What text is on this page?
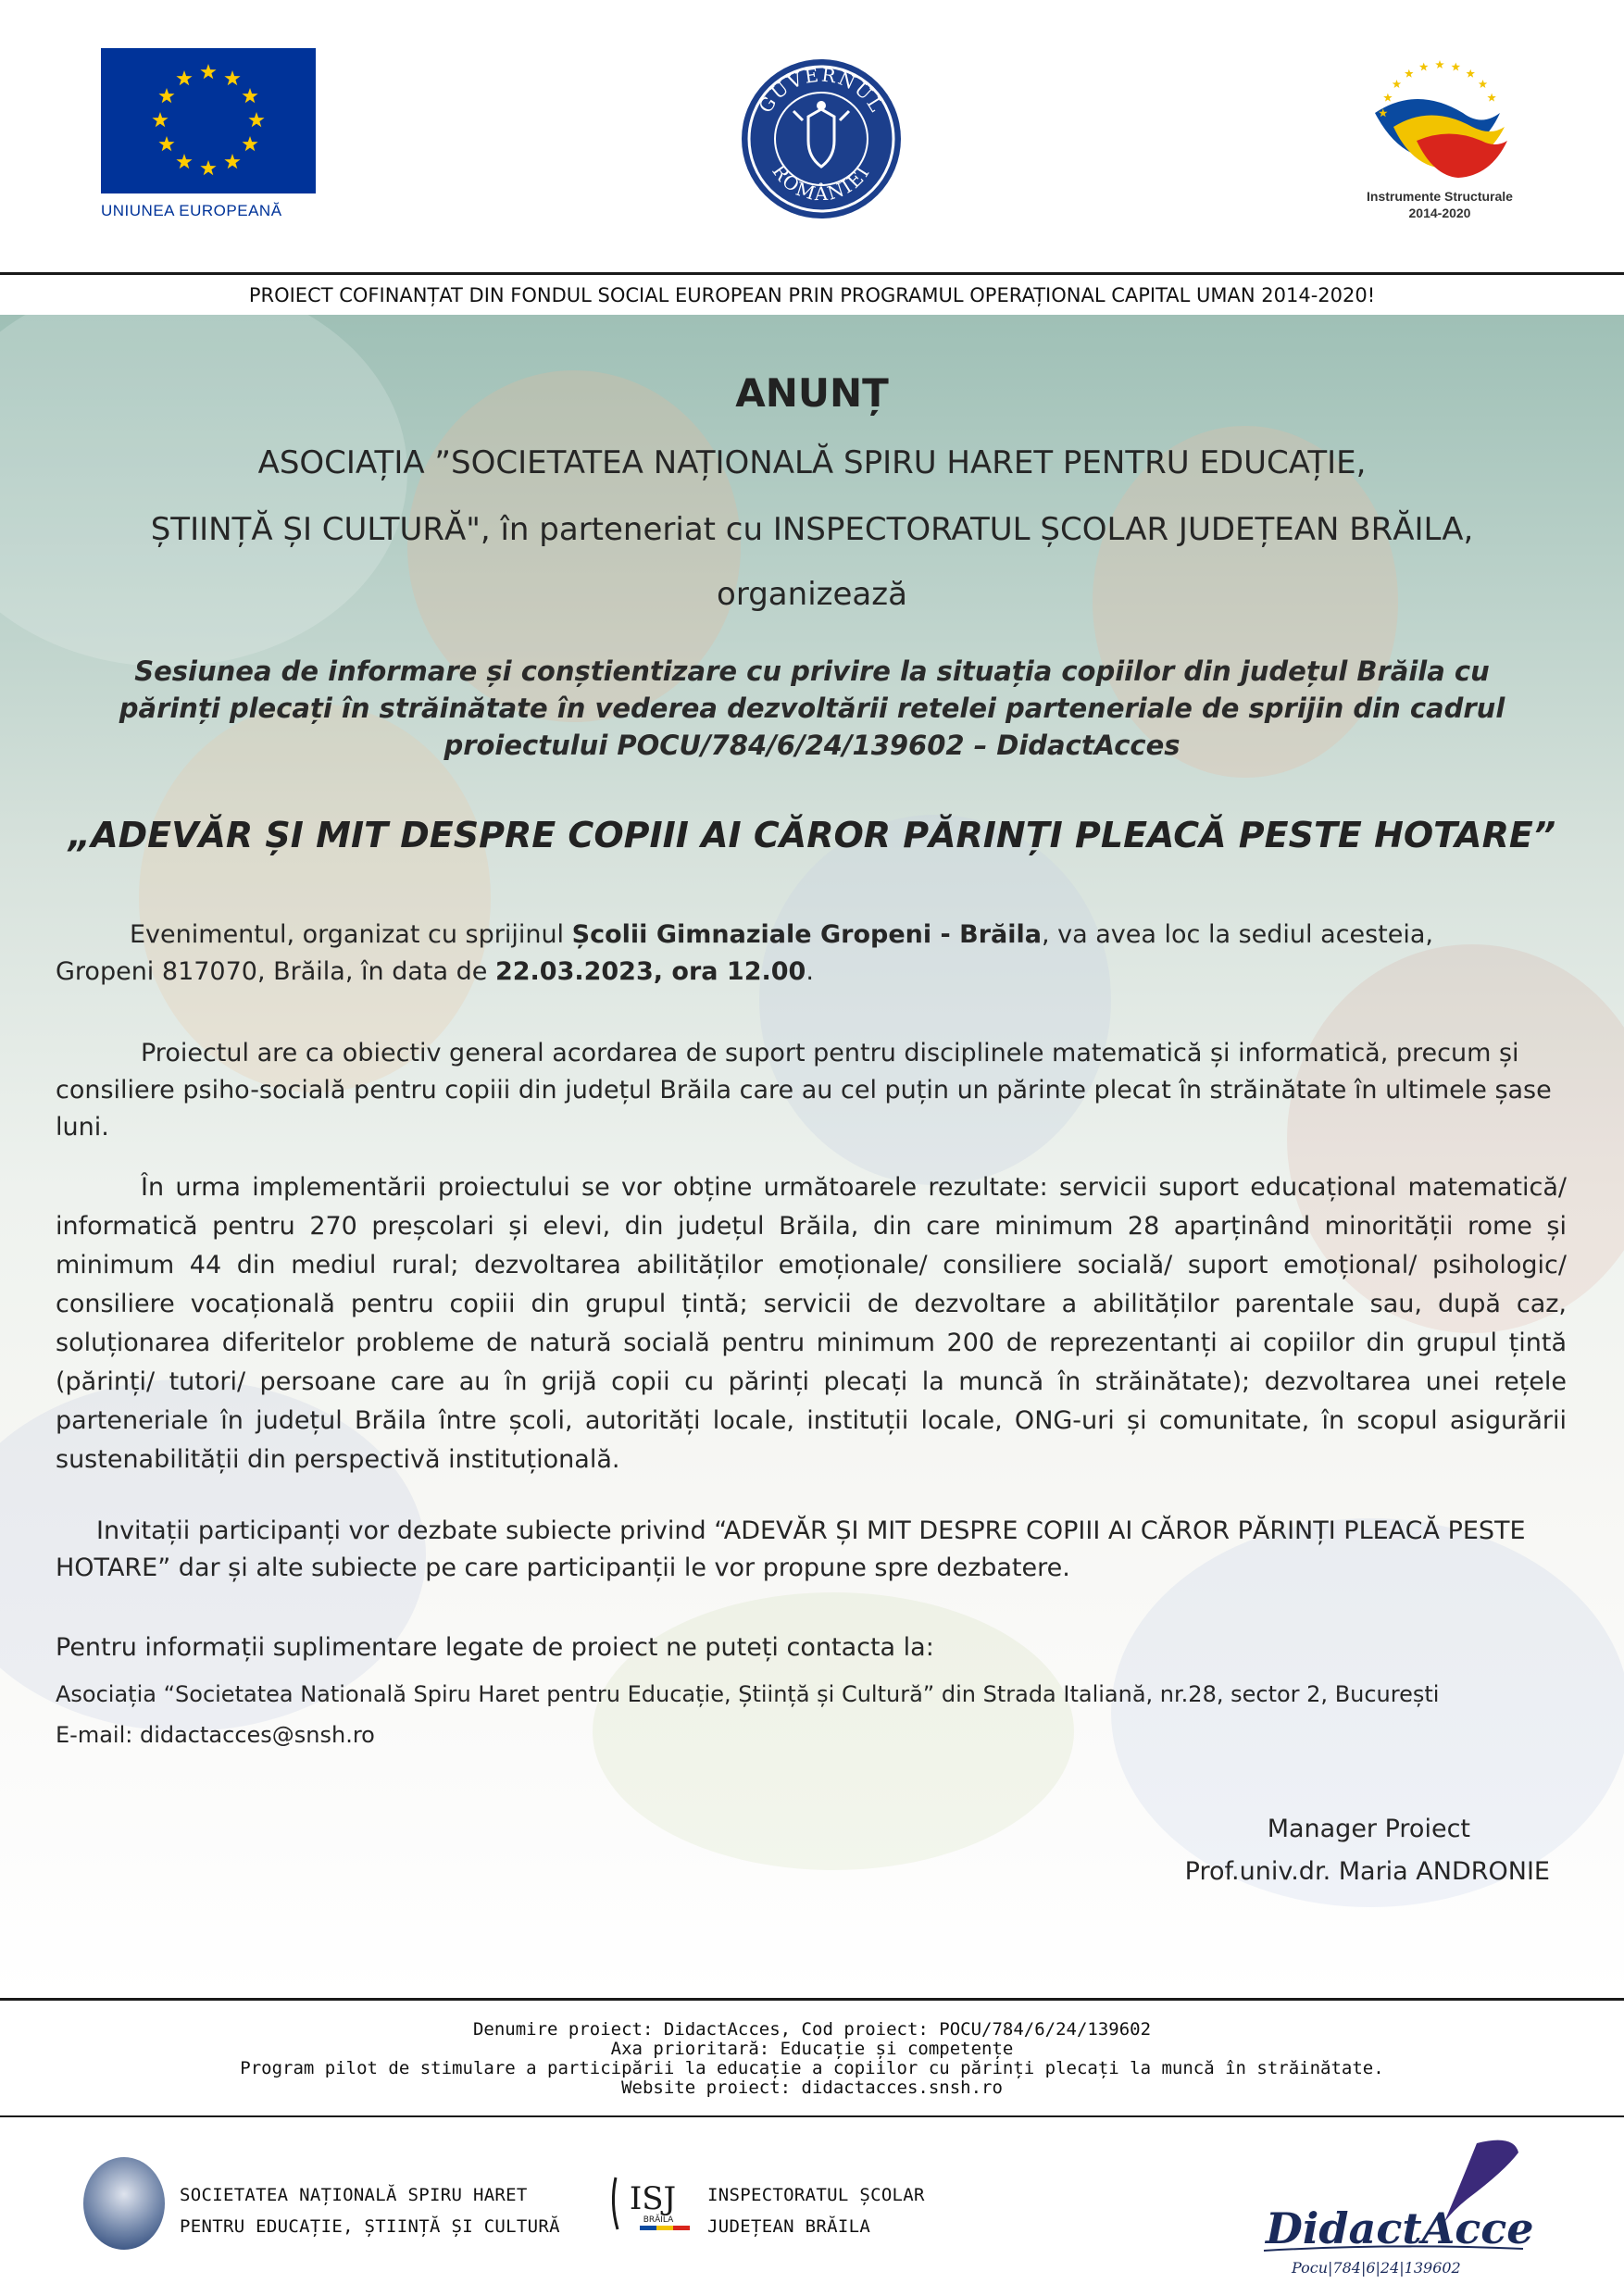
UNIUNEA EUROPEANĂ
GUVERNUL
ROMÂNIEI
Instrumente Structurale
2014-2020
PROIECT COFINANȚAT DIN FONDUL SOCIAL EUROPEAN PRIN PROGRAMUL OPERAȚIONAL CAPITAL UMAN 2014-2020!
ANUNȚ
ASOCIAȚIA ”SOCIETATEA NAȚIONALĂ SPIRU HARET PENTRU EDUCAȚIE,
ȘTIINȚĂ ȘI CULTURĂ", în parteneriat cu INSPECTORATUL ȘCOLAR JUDEȚEAN BRĂILA,
organizează
Sesiunea de informare și conștientizare cu privire la situația copiilor din județul Brăila cu
părinți plecați în străinătate în vederea dezvoltării retelei parteneriale de sprijin din cadrul
proiectului POCU/784/6/24/139602 – DidactAcces
„ADEVĂR ȘI MIT DESPRE COPIII AI CĂROR PĂRINȚI PLEACĂ PESTE HOTARE”
Evenimentul, organizat cu sprijinul Școlii Gimnaziale Gropeni - Brăila, va avea loc la sediul acesteia,
Gropeni 817070, Brăila, în data de 22.03.2023, ora 12.00.
Proiectul are ca obiectiv general acordarea de suport pentru disciplinele matematică și informatică, precum și consiliere psiho-socială pentru copiii din județul Brăila care au cel puțin un părinte plecat în străinătate în ultimele șase luni.
În urma implementării proiectului se vor obține următoarele rezultate: servicii suport educațional matematică/ informatică pentru 270 preșcolari și elevi, din județul Brăila, din care minimum 28 aparținând minorității rome și minimum 44 din mediul rural; dezvoltarea abilităților emoționale/ consiliere socială/ suport emoțional/ psihologic/ consiliere vocațională pentru copiii din grupul țintă; servicii de dezvoltare a abilităților parentale sau, după caz, soluționarea diferitelor probleme de natură socială pentru minimum 200 de reprezentanți ai copiilor din grupul țintă (părinți/ tutori/ persoane care au în grijă copii cu părinți plecați la muncă în străinătate); dezvoltarea unei rețele parteneriale în județul Brăila între școli, autorități locale, instituții locale, ONG-uri și comunitate, în scopul asigurării sustenabilității din perspectivă instituțională.
Invitații participanți vor dezbate subiecte privind “ADEVĂR ȘI MIT DESPRE COPIII AI CĂROR PĂRINȚI PLEACĂ PESTE HOTARE” dar și alte subiecte pe care participanții le vor propune spre dezbatere.
Pentru informații suplimentare legate de proiect ne puteți contacta la:
Asociația “Societatea Natională Spiru Haret pentru Educație, Știință și Cultură” din Strada Italiană, nr.28, sector 2, București
E-mail: didactacces@snsh.ro
Manager Proiect
Prof.univ.dr. Maria ANDRONIE
Denumire proiect: DidactAcces, Cod proiect: POCU/784/6/24/139602
Axa prioritară: Educație și competențe
Program pilot de stimulare a participării la educație a copiilor cu părinți plecați la muncă în străinătate.
Website proiect: didactacces.snsh.ro
SOCIETATEA NAȚIONALĂ SPIRU HARET
PENTRU EDUCAȚIE, ȘTIINȚĂ ȘI CULTURĂ
ISJ
BRĂILA
INSPECTORATUL ȘCOLAR
JUDEȚEAN BRĂILA	DidactAcces
Pocu|784|6|24|139602
